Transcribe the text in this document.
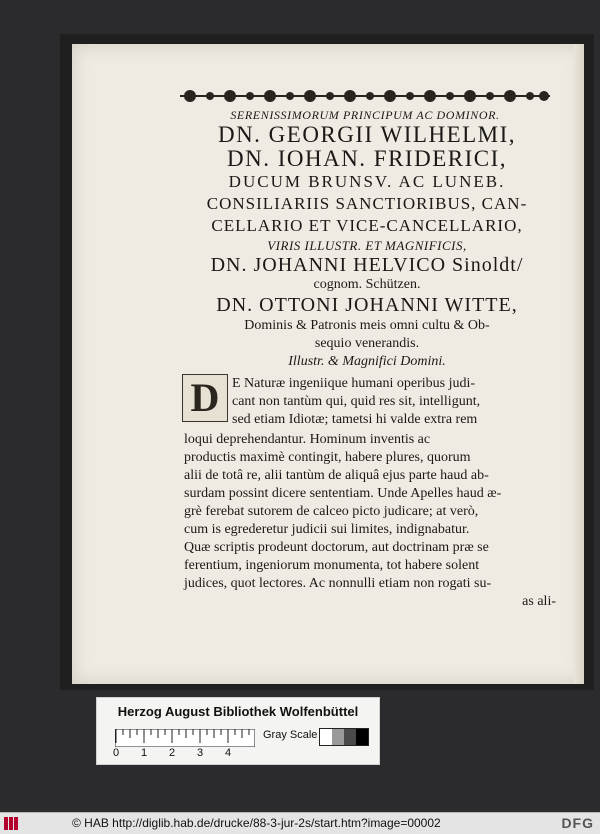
SERENISSIMORUM PRINCIPUM AC DOMINOR.
DN. GEORGII WILHELMI,
DN. IOHAN. FRIDERICI,
DUCUM BRUNSV. AC LUNEB.
CONSILIARIIS SANCTIORIBUS, CAN-
CELLARIO ET VICE-CANCELLARIO,
VIRIS ILLUSTR. ET MAGNIFICIS,
DN. JOHANNI HELVICO Sinoldt/
cognom. Schützen.
DN. OTTONI JOHANNI WITTE,
Dominis & Patronis meis omni cultu & Ob-
sequio venerandis.
Illustr. & Magnifici Domini.
D E Naturæ ingeniique humani operibus judi-
cant non tantùm qui, quid res sit, intelligunt,
sed etiam Idiotæ; tametsi hi valde extra rem
loqui deprehendantur. Hominum inventis ac
productis maximè contingit, habere plures, quorum
alii de totâ re, alii tantùm de aliquâ ejus parte haud ab-
surdam possint dicere sententiam. Unde Apelles haud æ-
grè ferebat sutorem de calceo picto judicare; at verò,
cum is egrederetur judicii sui limites, indignabatur.
Quæ scriptis prodeunt doctorum, aut doctrinam præ se
ferentium, ingeniorum monumenta, tot habere solent
judices, quot lectores. Ac nonnulli etiam non rogati su-
as ali-
Herzog August Bibliothek Wolfenbüttel
0 1 2 3 4
Gray Scale
© HAB http://diglib.hab.de/drucke/88-3-jur-2s/start.htm?image=00002	DFG
